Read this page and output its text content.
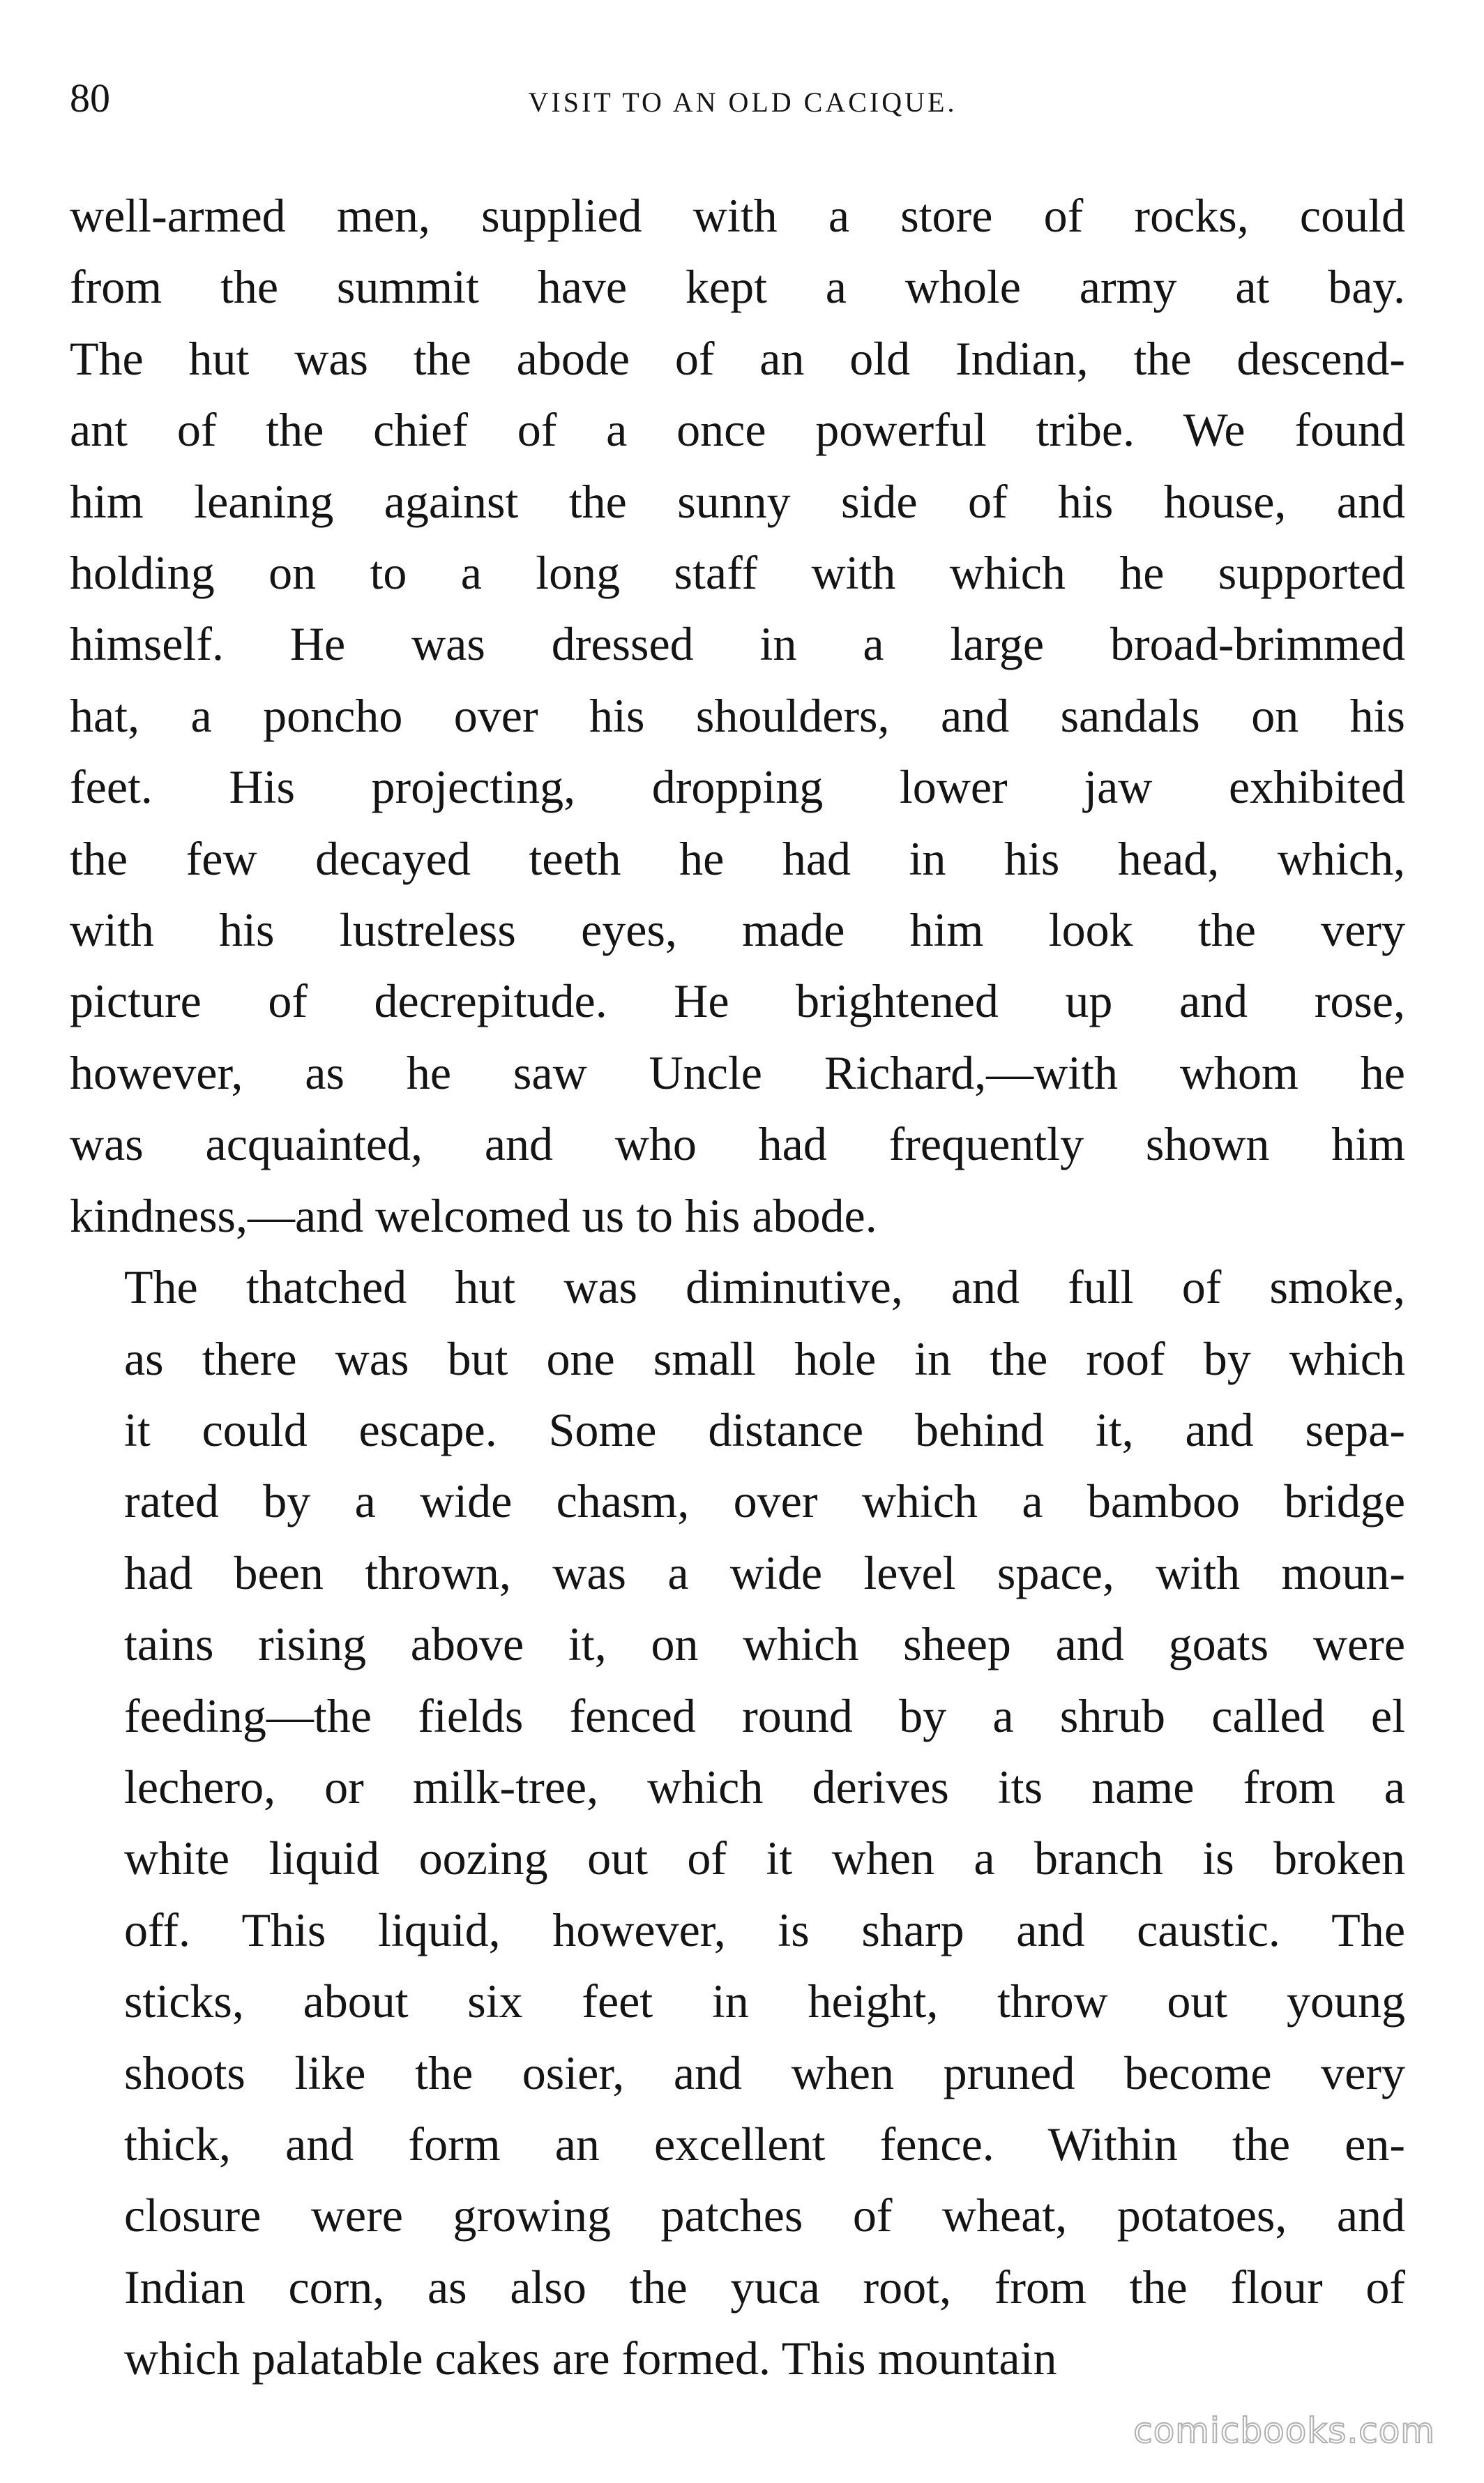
80	VISIT TO AN OLD CACIQUE.
well-armed men, supplied with a store of rocks, could
from the summit have kept a whole army at bay.
The hut was the abode of an old Indian, the descend-
ant of the chief of a once powerful tribe. We found
him leaning against the sunny side of his house, and
holding on to a long staff with which he supported
himself. He was dressed in a large broad-brimmed
hat, a poncho over his shoulders, and sandals on his
feet. His projecting, dropping lower jaw exhibited
the few decayed teeth he had in his head, which,
with his lustreless eyes, made him look the very
picture of decrepitude. He brightened up and rose,
however, as he saw Uncle Richard,—with whom he
was acquainted, and who had frequently shown him
kindness,—and welcomed us to his abode.
The thatched hut was diminutive, and full of smoke,
as there was but one small hole in the roof by which
it could escape. Some distance behind it, and sepa-
rated by a wide chasm, over which a bamboo bridge
had been thrown, was a wide level space, with moun-
tains rising above it, on which sheep and goats were
feeding—the fields fenced round by a shrub called el
lechero, or milk-tree, which derives its name from a
white liquid oozing out of it when a branch is broken
off. This liquid, however, is sharp and caustic. The
sticks, about six feet in height, throw out young
shoots like the osier, and when pruned become very
thick, and form an excellent fence. Within the en-
closure were growing patches of wheat, potatoes, and
Indian corn, as also the yuca root, from the flour of
which palatable cakes are formed. This mountain
comicbooks.com
